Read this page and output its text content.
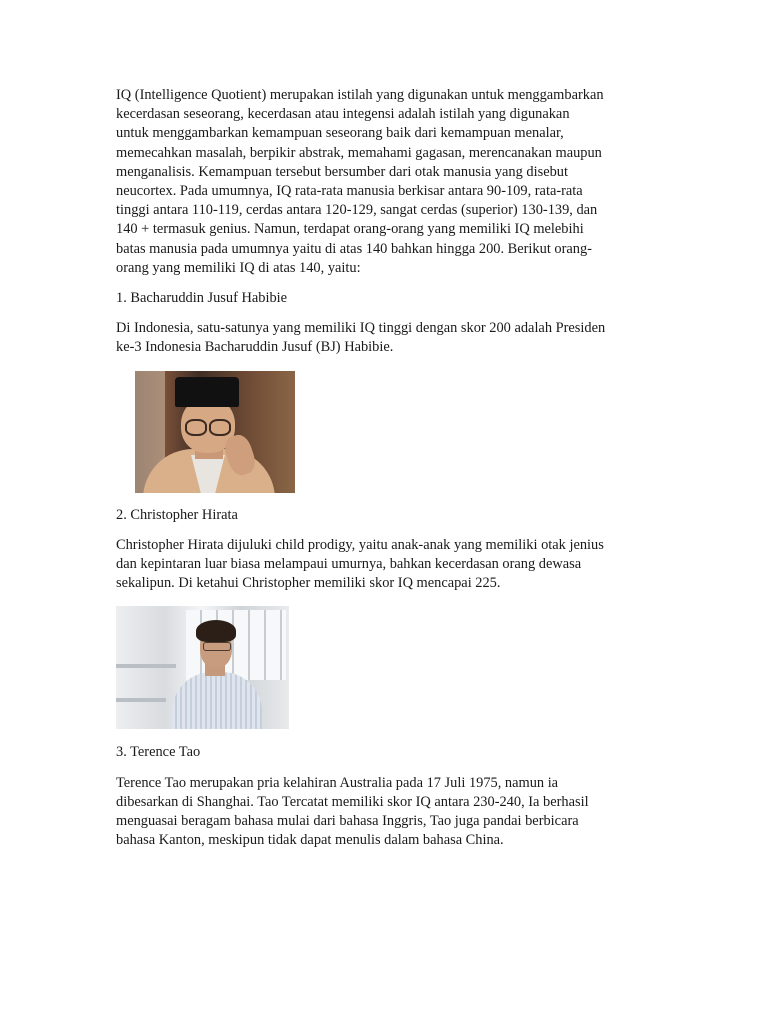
IQ (Intelligence Quotient) merupakan istilah yang digunakan untuk menggambarkan
kecerdasan seseorang, kecerdasan atau integensi adalah istilah yang digunakan
untuk menggambarkan kemampuan seseorang baik dari kemampuan menalar,
memecahkan masalah, berpikir abstrak, memahami gagasan, merencanakan maupun
menganalisis. Kemampuan tersebut bersumber dari otak manusia yang disebut
neucortex. Pada umumnya, IQ rata-rata manusia berkisar antara 90-109, rata-rata
tinggi antara 110-119, cerdas antara 120-129, sangat cerdas (superior) 130-139, dan
140 + termasuk genius. Namun, terdapat orang-orang yang memiliki IQ melebihi
batas manusia pada umumnya yaitu di atas 140 bahkan hingga 200. Berikut orang-
orang yang memiliki IQ di atas 140, yaitu:

1. Bacharuddin Jusuf Habibie

Di Indonesia, satu-satunya yang memiliki IQ tinggi dengan skor 200 adalah Presiden
ke-3 Indonesia Bacharuddin Jusuf (BJ) Habibie.

2. Christopher Hirata

Christopher Hirata dijuluki child prodigy, yaitu anak-anak yang memiliki otak jenius
dan kepintaran luar biasa melampaui umurnya, bahkan kecerdasan orang dewasa
sekalipun. Di ketahui Christopher memiliki skor IQ mencapai 225.

3. Terence Tao

Terence Tao merupakan pria kelahiran Australia pada 17 Juli 1975, namun ia
dibesarkan di Shanghai. Tao Tercatat memiliki skor IQ antara 230-240, Ia berhasil
menguasai beragam bahasa mulai dari bahasa Inggris, Tao juga pandai berbicara
bahasa Kanton, meskipun tidak dapat menulis dalam bahasa China.
